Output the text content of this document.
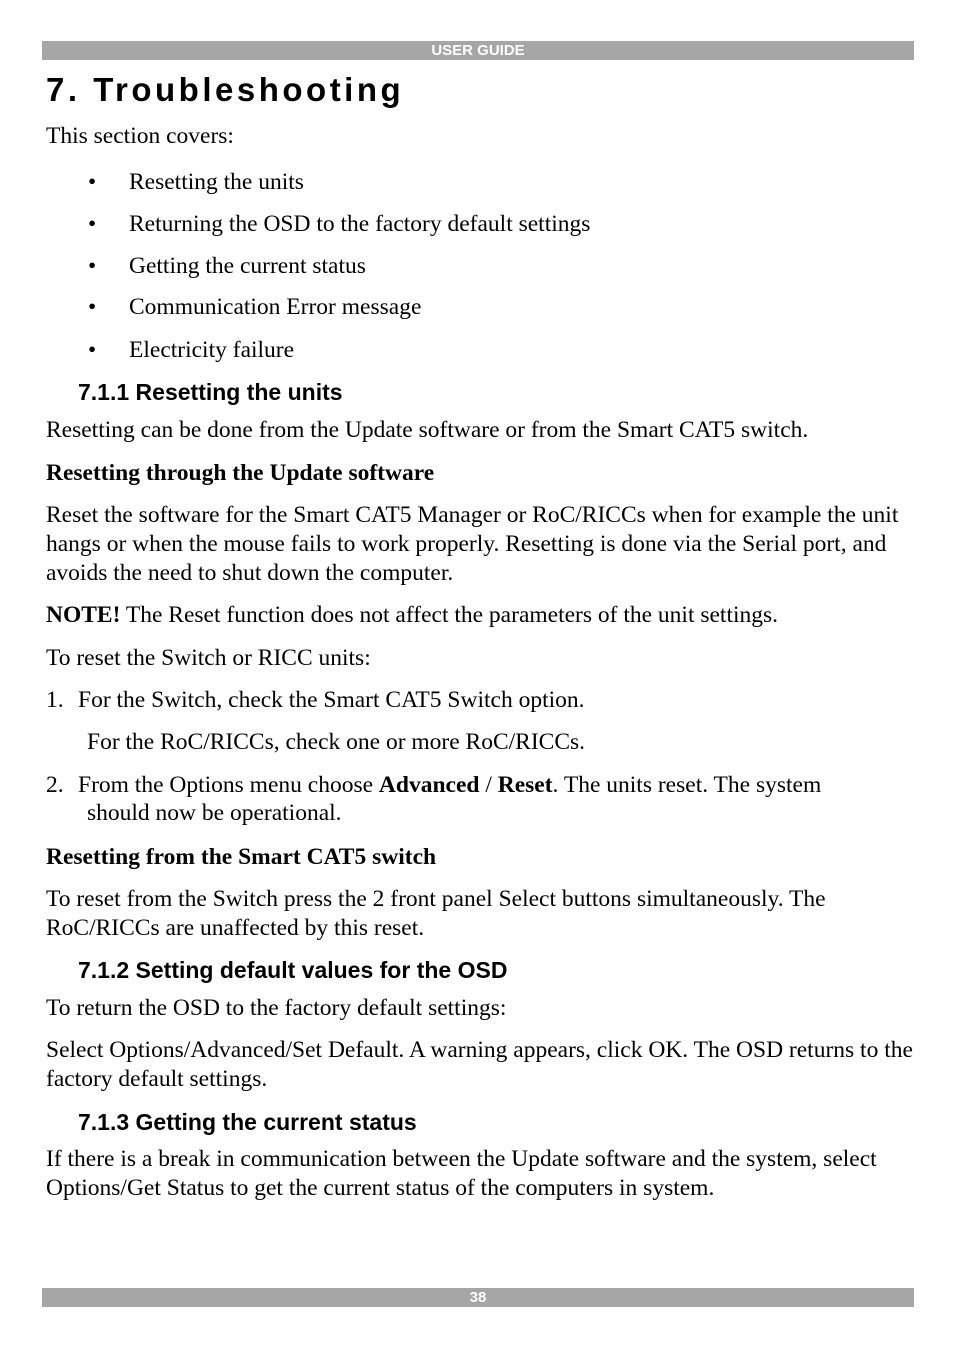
USER GUIDE
7. Troubleshooting
This section covers:
• Resetting the units
• Returning the OSD to the factory default settings
• Getting the current status
• Communication Error message
• Electricity failure
7.1.1 Resetting the units
Resetting can be done from the Update software or from the Smart CAT5 switch.
Resetting through the Update software
Reset the software for the Smart CAT5 Manager or RoC/RICCs when for example the unit hangs or when the mouse fails to work properly. Resetting is done via the Serial port, and avoids the need to shut down the computer.
NOTE! The Reset function does not affect the parameters of the unit settings.
To reset the Switch or RICC units:
1. For the Switch, check the Smart CAT5 Switch option.
For the RoC/RICCs, check one or more RoC/RICCs.
2. From the Options menu choose Advanced / Reset. The units reset. The system
should now be operational.
Resetting from the Smart CAT5 switch
To reset from the Switch press the 2 front panel Select buttons simultaneously. The RoC/RICCs are unaffected by this reset.
7.1.2 Setting default values for the OSD
To return the OSD to the factory default settings:
Select Options/Advanced/Set Default. A warning appears, click OK. The OSD returns to the factory default settings.
7.1.3 Getting the current status
If there is a break in communication between the Update software and the system, select Options/Get Status to get the current status of the computers in system.
38
